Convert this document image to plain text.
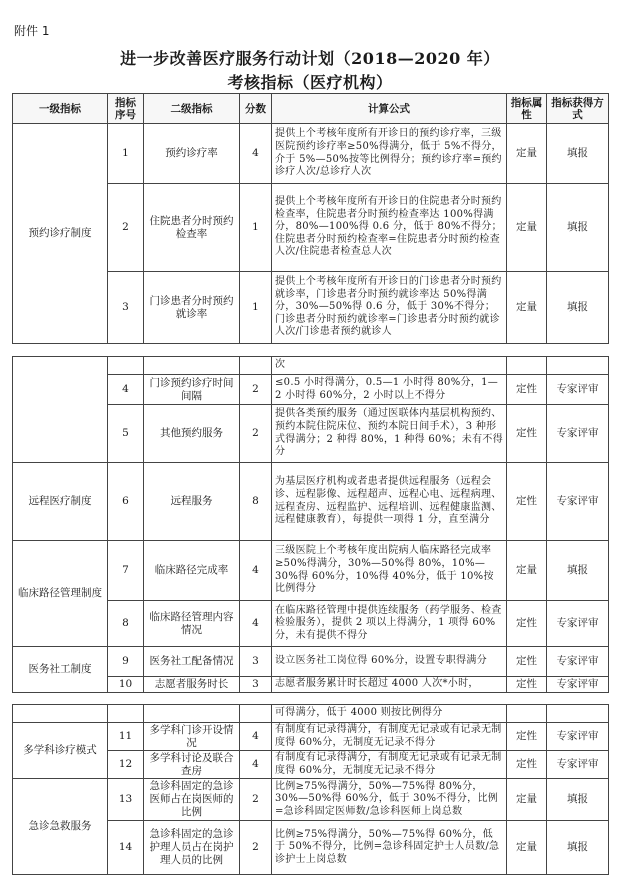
附件 1
进一步改善医疗服务行动计划（2018—2020 年）
考核指标（医疗机构）
一级指标	指标序号	二级指标	分数	计算公式	指标属性	指标获得方式
预约诊疗制度	1	预约诊疗率	4	提供上个考核年度所有开诊日的预约诊疗率，三级医院预约诊疗率≥50%得满分，低于 5%不得分，介于 5%—50%按等比例得分；预约诊疗率=预约诊疗人次/总诊疗人次	定量	填报
	2	住院患者分时预约检查率	1	提供上个考核年度所有开诊日的住院患者分时预约检查率，住院患者分时预约检查率达 100%得满分，80%—100%得 0.6 分，低于 80%不得分；住院患者分时预约检查率=住院患者分时预约检查人次/住院患者检查总人次	定量	填报
	3	门诊患者分时预约就诊率	1	提供上个考核年度所有开诊日的门诊患者分时预约就诊率，门诊患者分时预约就诊率达 50%得满分，30%—50%得 0.6 分，低于 30%不得分；门诊患者分时预约就诊率=门诊患者分时预约就诊人次/门诊患者预约就诊人	定量	填报
				次		
	4	门诊预约诊疗时间间隔	2	≤0.5 小时得满分，0.5—1 小时得 80%分，1—2 小时得 60%分，2 小时以上不得分	定性	专家评审
	5	其他预约服务	2	提供各类预约服务（通过医联体内基层机构预约、预约本院住院床位、预约本院日间手术），3 种形式得满分；2 种得 80%，1 种得 60%；未有不得分	定性	专家评审
远程医疗制度	6	远程服务	8	为基层医疗机构或者患者提供远程服务（远程会诊、远程影像、远程超声、远程心电、远程病理、远程查房、远程监护、远程培训、远程健康监测、远程健康教育），每提供一项得 1 分，直至满分	定性	专家评审
临床路径管理制度	7	临床路径完成率	4	三级医院上个考核年度出院病人临床路径完成率≥50%得满分，30%—50%得 80%，10%—30%得 60%分，10%得 40%分，低于 10%按比例得分	定量	填报
	8	临床路径管理内容情况	4	在临床路径管理中提供连续服务（药学服务、检查检验服务），提供 2 项以上得满分，1 项得 60%分，未有提供不得分	定性	专家评审
医务社工制度	9	医务社工配备情况	3	设立医务社工岗位得 60%分，设置专职得满分	定性	专家评审
	10	志愿者服务时长	3	志愿者服务累计时长超过 4000 人次*小时，	定性	专家评审
				可得满分，低于 4000 则按比例得分		
多学科诊疗模式	11	多学科门诊开设情况	4	有制度有记录得满分，有制度无记录或有记录无制度得 60%分，无制度无记录不得分	定性	专家评审
	12	多学科讨论及联合查房	4	有制度有记录得满分，有制度无记录或有记录无制度得 60%分，无制度无记录不得分	定性	专家评审
急诊急救服务	13	急诊科固定的急诊医师占在岗医师的比例	2	比例≥75%得满分，50%—75%得 80%分，30%—50%得 60%分，低于 30%不得分，比例=急诊科固定医师数/急诊科医师上岗总数	定量	填报
	14	急诊科固定的急诊护理人员占在岗护理人员的比例	2	比例≥75%得满分，50%—75%得 60%分，低于 50%不得分，比例=急诊科固定护士人员数/急诊护士上岗总数	定量	填报
